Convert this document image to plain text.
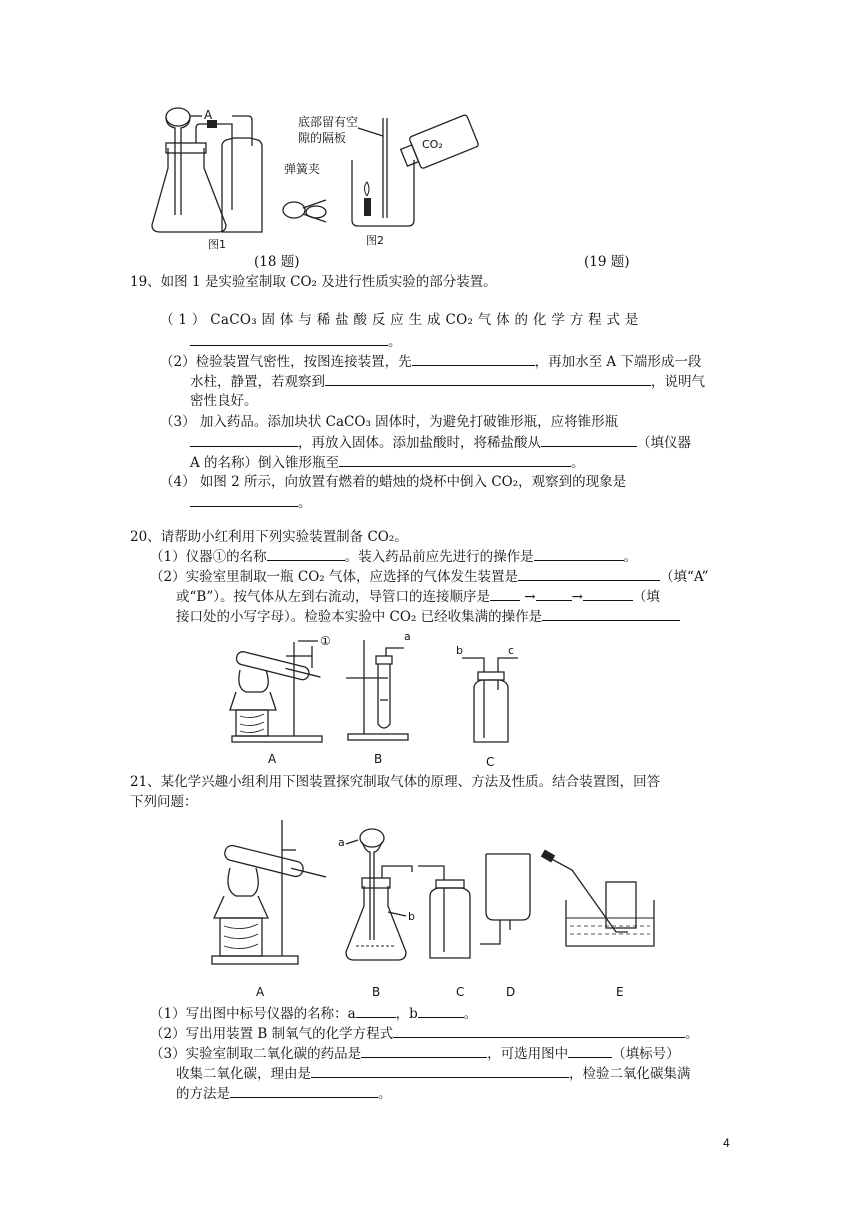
A
弹簧夹
图1
CO₂
底部留有空
隙的隔板
图2
(18 题)	(19 题)
19、如图 1 是实验室制取 CO₂ 及进行性质实验的部分装置。
（ 1 ） CaCO₃ 固 体 与 稀 盐 酸 反 应 生 成 CO₂ 气 体 的 化 学 方 程 式 是
。
（2）检验装置气密性，按图连接装置，先	，再加水至 A 下端形成一段
水柱，静置，若观察到	，说明气
密性良好。
（3） 加入药品。添加块状 CaCO₃ 固体时，为避免打破锥形瓶，应将锥形瓶
，再放入固体。添加盐酸时，将稀盐酸从	（填仪器
A 的名称）倒入锥形瓶至	。
（4） 如图 2 所示，向放置有燃着的蜡烛的烧杯中倒入 CO₂，观察到的现象是
。
20、请帮助小红利用下列实验装置制备 CO₂。
（1）仪器①的名称	。装入药品前应先进行的操作是	。
（2）实验室里制取一瓶 CO₂ 气体，应选择的气体发生装置是	（填“A”
或“B”）。按气体从左到右流动，导管口的连接顺序是	→	→	（填
接口处的小写字母）。检验本实验中 CO₂ 已经收集满的操作是
①
A
a
B
b	c
C
21、某化学兴趣小组利用下图装置探究制取气体的原理、方法及性质。结合装置图，回答
下列问题：
A
a
b
B	C	D	E
（1）写出图中标号仪器的名称：a	，b	。
（2）写出用装置 B 制氧气的化学方程式	。
（3）实验室制取二氧化碳的药品是	，可选用图中	（填标号）
收集二氧化碳，理由是	，检验二氧化碳集满
的方法是	。
4
